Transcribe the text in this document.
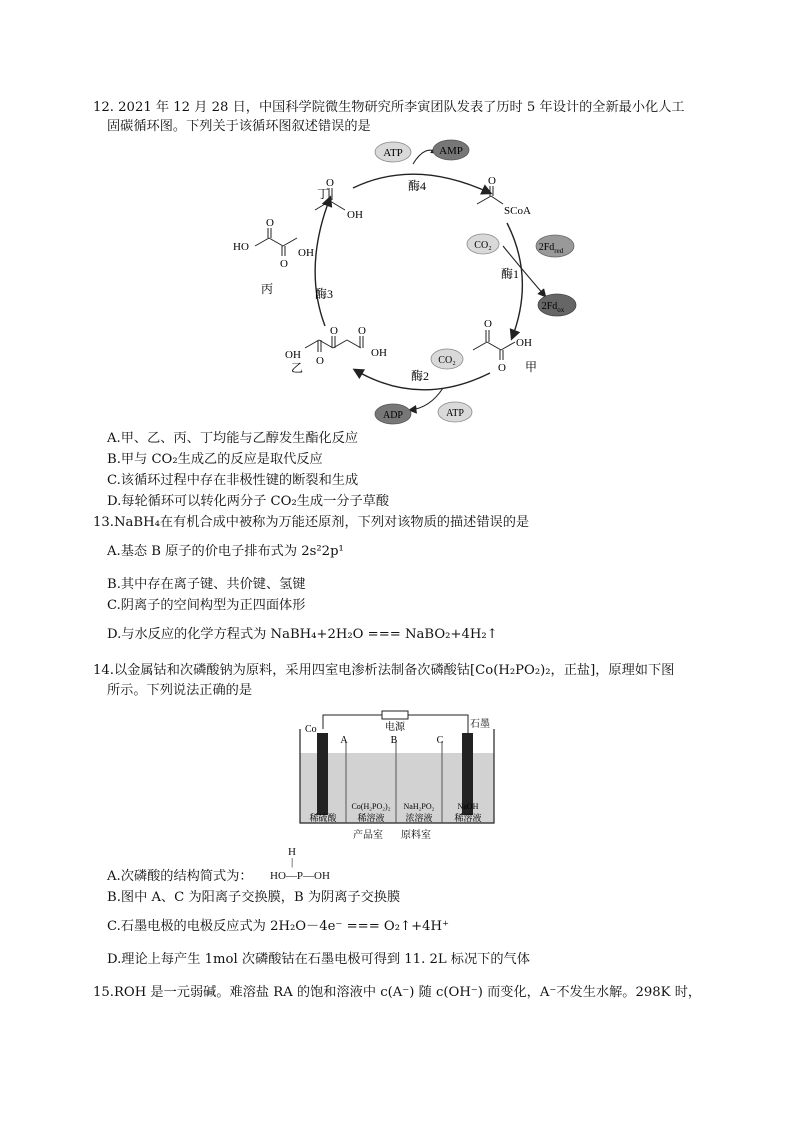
12. 2021 年 12 月 28 日，中国科学院微生物研究所李寅团队发表了历时 5 年设计的全新最小化人工
固碳循环图。下列关于该循环图叙述错误的是
ATP	AMP
CO₂	$2Fd_{red}$
$2Fd_{ox}$
CO₂
ATP
ADP
酶4
酶1
酶2
酶3
丁
O
OH
HO
O
OH
O
丙
O
OH
O 甲
O
SCoA
OH O
O O
OH
乙
A.甲、乙、丙、丁均能与乙醇发生酯化反应
B.甲与 CO₂生成乙的反应是取代反应
C.该循环过程中存在非极性键的断裂和生成
D.每轮循环可以转化两分子 CO₂生成一分子草酸
13.NaBH₄在有机合成中被称为万能还原剂，下列对该物质的描述错误的是
A.基态 B 原子的价电子排布式为 2s²2p¹
B.其中存在离子键、共价键、氢键
C.阴离子的空间构型为正四面体形
D.与水反应的化学方程式为 NaBH₄+2H₂O === NaBO₂+4H₂↑
14.以金属钴和次磷酸钠为原料，采用四室电渗析法制备次磷酸钴[Co(H₂PO₂)₂，正盐]，原理如下图
所示。下列说法正确的是
电源
Co	石墨
A	B	C
稀硫酸
Co(H₂PO₂)₂
稀溶液
NaH₂PO₂
浓溶液
NaOH
稀溶液
产品室 原料室
A.次磷酸的结构简式为：
H
|
HO—P—OH
B.图中 A、C 为阳离子交换膜，B 为阴离子交换膜
C.石墨电极的电极反应式为 2H₂O－4e⁻ === O₂↑+4H⁺
D.理论上每产生 1mol 次磷酸钴在石墨电极可得到 11. 2L 标况下的气体
15.ROH 是一元弱碱。难溶盐 RA 的饱和溶液中 c(A⁻) 随 c(OH⁻) 而变化，A⁻不发生水解。298K 时，
